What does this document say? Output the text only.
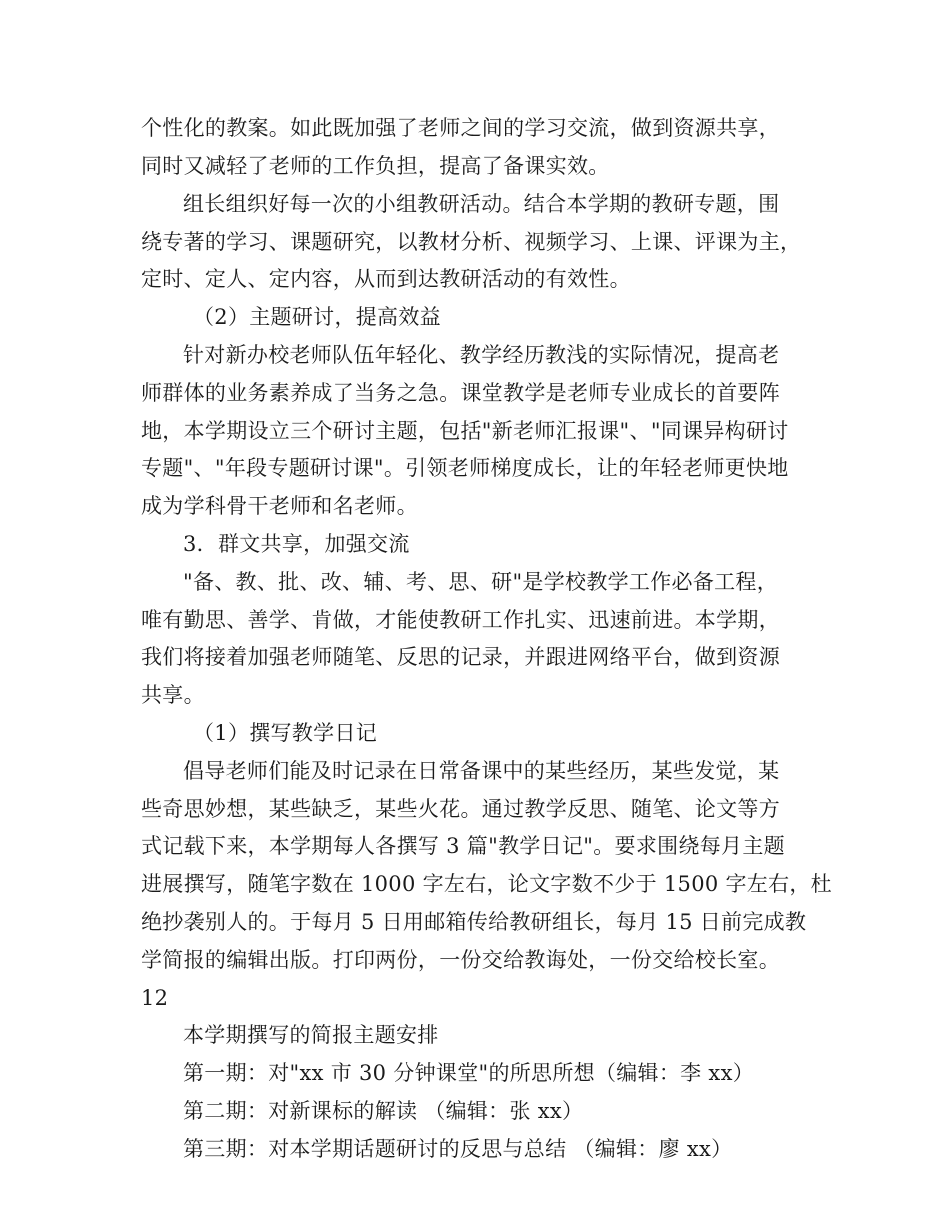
个性化的教案。如此既加强了老师之间的学习交流，做到资源共享，
同时又减轻了老师的工作负担，提高了备课实效。
组长组织好每一次的小组教研活动。结合本学期的教研专题，围
绕专著的学习、课题研究，以教材分析、视频学习、上课、评课为主，
定时、定人、定内容，从而到达教研活动的有效性。
（2）主题研讨，提高效益
针对新办校老师队伍年轻化、教学经历教浅的实际情况，提高老
师群体的业务素养成了当务之急。课堂教学是老师专业成长的首要阵
地，本学期设立三个研讨主题，包括"新老师汇报课"、"同课异构研讨
专题"、"年段专题研讨课"。引领老师梯度成长，让的年轻老师更快地
成为学科骨干老师和名老师。
3．群文共享，加强交流
"备、教、批、改、辅、考、思、研"是学校教学工作必备工程，
唯有勤思、善学、肯做，才能使教研工作扎实、迅速前进。本学期，
我们将接着加强老师随笔、反思的记录，并跟进网络平台，做到资源
共享。
（1）撰写教学日记
倡导老师们能及时记录在日常备课中的某些经历，某些发觉，某
些奇思妙想，某些缺乏，某些火花。通过教学反思、随笔、论文等方
式记载下来，本学期每人各撰写 3 篇"教学日记"。要求围绕每月主题
进展撰写，随笔字数在 1000 字左右，论文字数不少于 1500 字左右，杜
绝抄袭别人的。于每月 5 日用邮箱传给教研组长，每月 15 日前完成教
学简报的编辑出版。打印两份，一份交给教诲处，一份交给校长室。
12
本学期撰写的简报主题安排
第一期：对"xx 市 30 分钟课堂"的所思所想（编辑：李 xx）
第二期：对新课标的解读 （编辑：张 xx）
第三期：对本学期话题研讨的反思与总结 （编辑：廖 xx）
